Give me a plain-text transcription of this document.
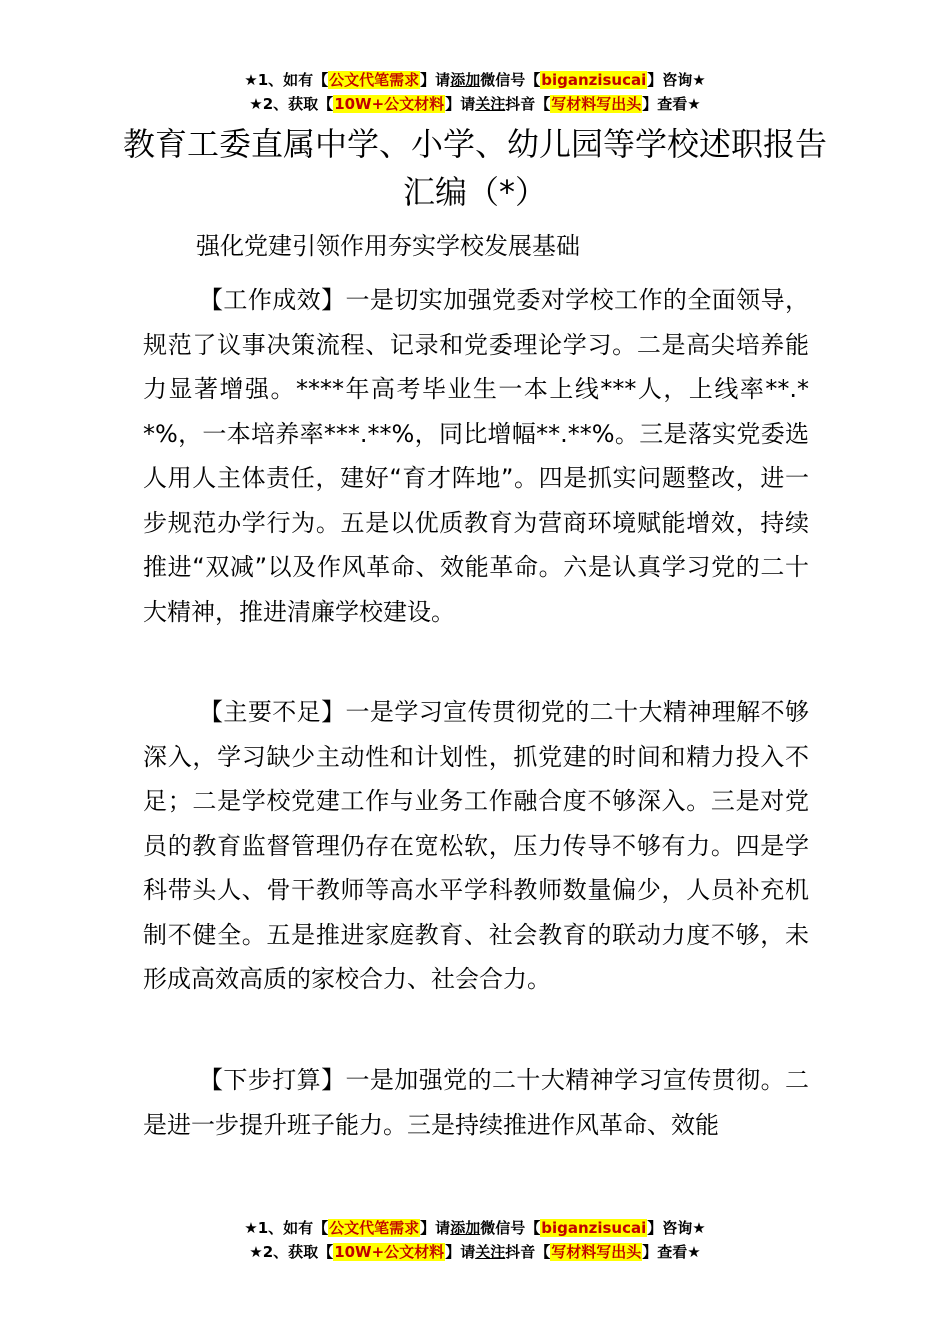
★1、如有【公文代笔需求】请添加微信号【biganzisucai】咨询★
★2、获取【10W+公文材料】请关注抖音【写材料写出头】查看★
教育工委直属中学、小学、幼儿园等学校述职报告汇编（*）
强化党建引领作用夯实学校发展基础

【工作成效】一是切实加强党委对学校工作的全面领导，规范了议事决策流程、记录和党委理论学习。二是高尖培养能力显著增强。****年高考毕业生一本上线***人，上线率**.**%，一本培养率***.**%，同比增幅**.**%。三是落实党委选人用人主体责任，建好“育才阵地”。四是抓实问题整改，进一步规范办学行为。五是以优质教育为营商环境赋能增效，持续推进“双减”以及作风革命、效能革命。六是认真学习党的二十大精神，推进清廉学校建设。

【主要不足】一是学习宣传贯彻党的二十大精神理解不够深入，学习缺少主动性和计划性，抓党建的时间和精力投入不足；二是学校党建工作与业务工作融合度不够深入。三是对党员的教育监督管理仍存在宽松软，压力传导不够有力。四是学科带头人、骨干教师等高水平学科教师数量偏少，人员补充机制不健全。五是推进家庭教育、社会教育的联动力度不够，未形成高效高质的家校合力、社会合力。

【下步打算】一是加强党的二十大精神学习宣传贯彻。二是进一步提升班子能力。三是持续推进作风革命、效能

★1、如有【公文代笔需求】请添加微信号【biganzisucai】咨询★
★2、获取【10W+公文材料】请关注抖音【写材料写出头】查看★
